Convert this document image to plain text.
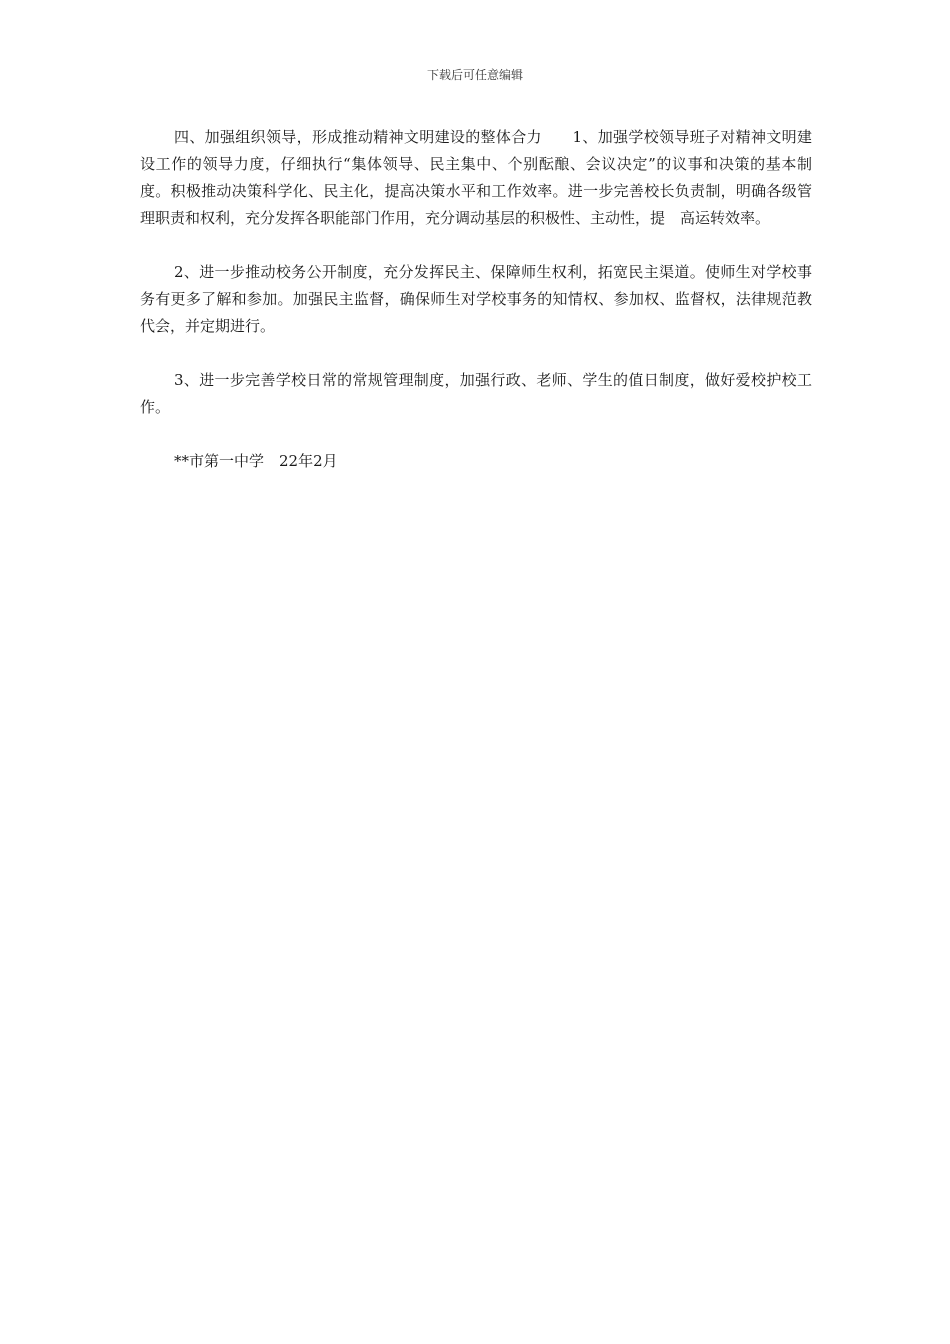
下载后可任意编辑

四、加强组织领导，形成推动精神文明建设的整体合力　　1、加强学校领导班子对精神文明建设工作的领导力度，仔细执行“集体领导、民主集中、个别酝酿、会议决定”的议事和决策的基本制度。积极推动决策科学化、民主化，提高决策水平和工作效率。进一步完善校长负责制，明确各级管理职责和权利，充分发挥各职能部门作用，充分调动基层的积极性、主动性，提　高运转效率。

2、进一步推动校务公开制度，充分发挥民主、保障师生权利，拓宽民主渠道。使师生对学校事务有更多了解和参加。加强民主监督，确保师生对学校事务的知情权、参加权、监督权，法律规范教代会，并定期进行。

3、进一步完善学校日常的常规管理制度，加强行政、老师、学生的值日制度，做好爱校护校工作。

**市第一中学　22年2月
